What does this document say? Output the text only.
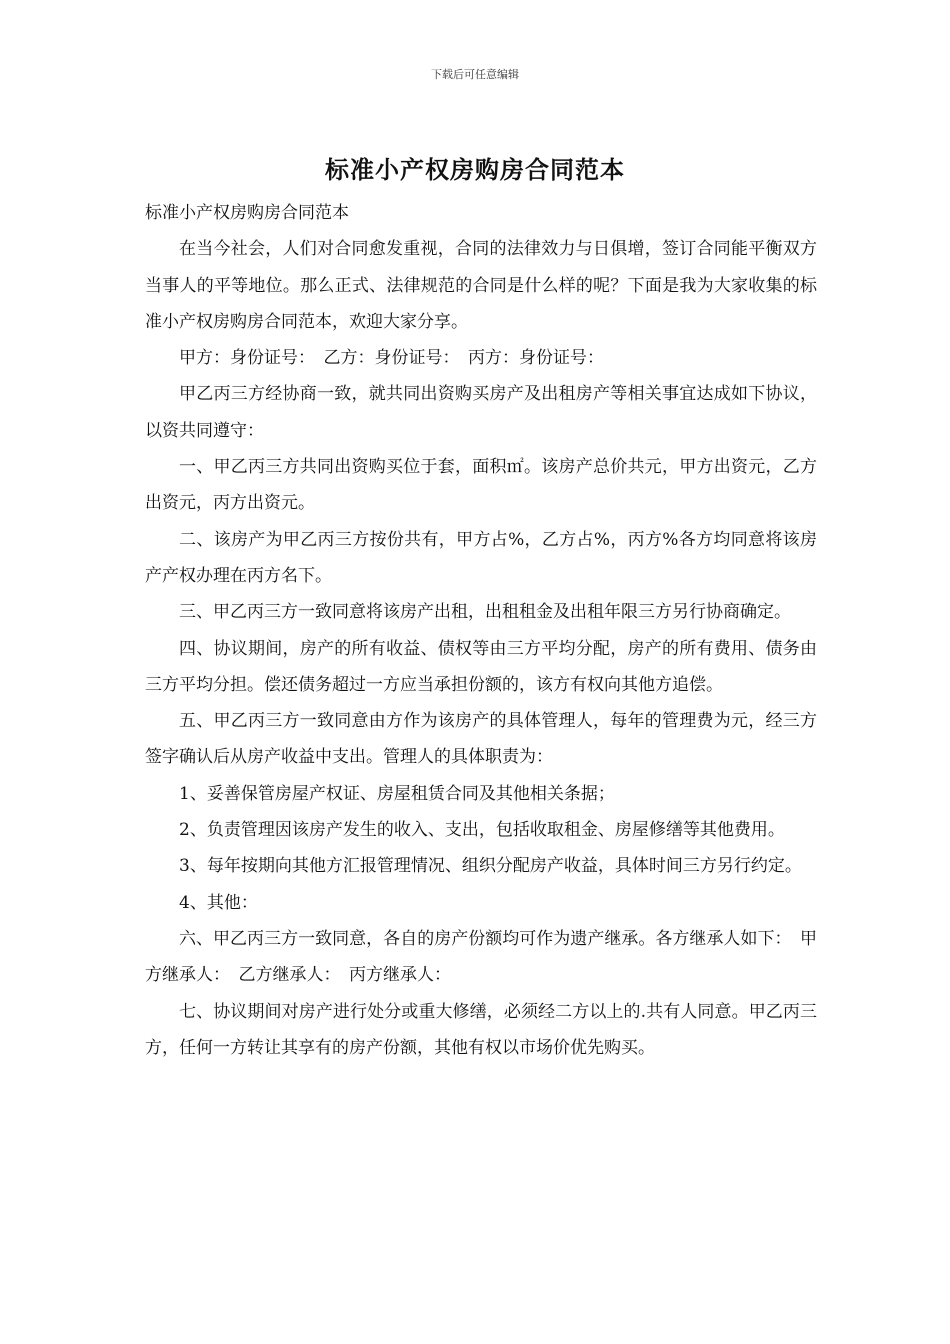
下载后可任意编辑
标准小产权房购房合同范本

标准小产权房购房合同范本

在当今社会，人们对合同愈发重视，合同的法律效力与日俱增，签订合同能平衡双方当事人的平等地位。那么正式、法律规范的合同是什么样的呢？下面是我为大家收集的标准小产权房购房合同范本，欢迎大家分享。

甲方：身份证号：　乙方：身份证号：　丙方：身份证号：

甲乙丙三方经协商一致，就共同出资购买房产及出租房产等相关事宜达成如下协议，以资共同遵守：

一、甲乙丙三方共同出资购买位于套，面积㎡。该房产总价共元，甲方出资元，乙方出资元，丙方出资元。

二、该房产为甲乙丙三方按份共有，甲方占%，乙方占%，丙方%各方均同意将该房产产权办理在丙方名下。

三、甲乙丙三方一致同意将该房产出租，出租租金及出租年限三方另行协商确定。

四、协议期间，房产的所有收益、债权等由三方平均分配，房产的所有费用、债务由三方平均分担。偿还债务超过一方应当承担份额的，该方有权向其他方追偿。

五、甲乙丙三方一致同意由方作为该房产的具体管理人，每年的管理费为元，经三方签字确认后从房产收益中支出。管理人的具体职责为：

1、妥善保管房屋产权证、房屋租赁合同及其他相关条据；

2、负责管理因该房产发生的收入、支出，包括收取租金、房屋修缮等其他费用。

3、每年按期向其他方汇报管理情况、组织分配房产收益，具体时间三方另行约定。

4、其他：

六、甲乙丙三方一致同意，各自的房产份额均可作为遗产继承。各方继承人如下：　甲方继承人：　乙方继承人：　丙方继承人：

七、协议期间对房产进行处分或重大修缮，必须经二方以上的.共有人同意。甲乙丙三方，任何一方转让其享有的房产份额，其他有权以市场价优先购买。
